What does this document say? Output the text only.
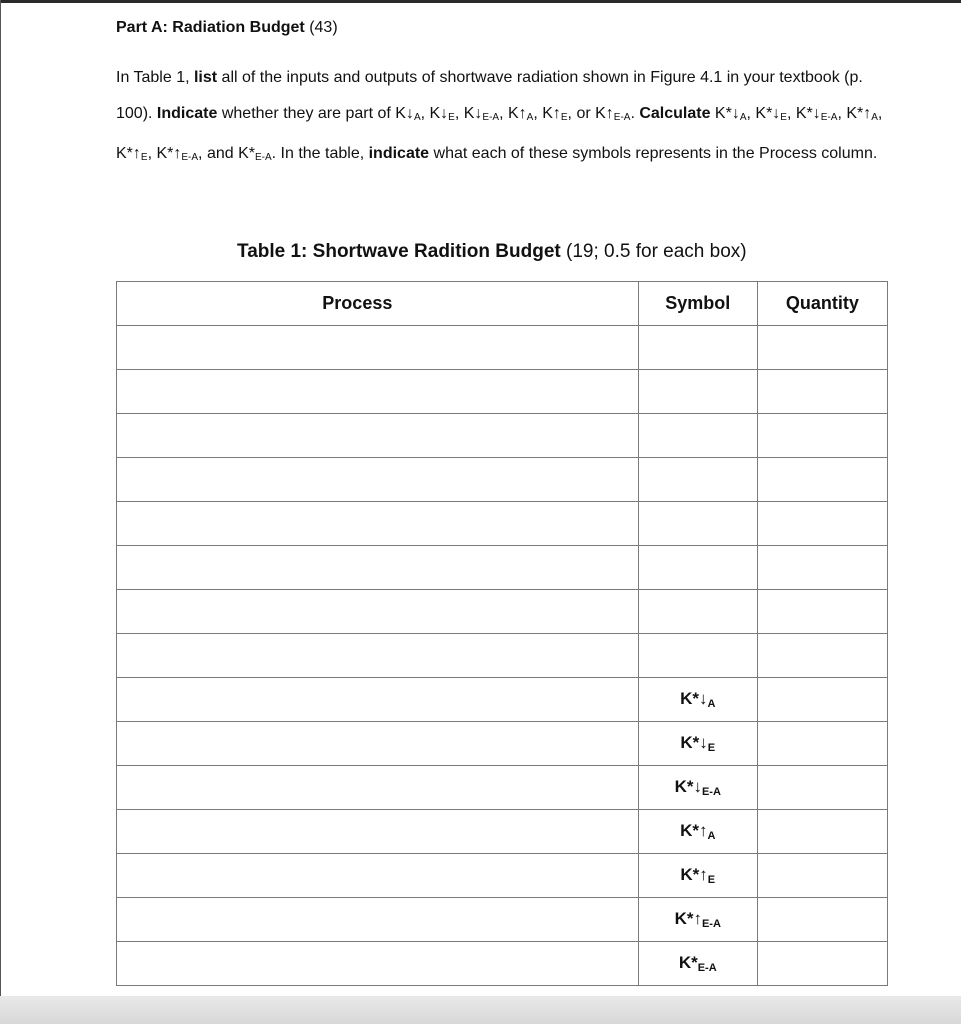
Part A: Radiation Budget (43)
In Table 1, list all of the inputs and outputs of shortwave radiation shown in Figure 4.1 in your textbook (p. 100). Indicate whether they are part of $K↓_A$, $K↓_E$, $K↓_{E-A}$, $K↑_A$, $K↑_E$, or $K↑_{E-A}$. Calculate $K*↓_A$, $K*↓_E$, $K*↓_{E-A}$, $K*↑_A$, $K*↑_E$, $K*↑_{E-A}$, and $K*_{E-A}$. In the table, indicate what each of these symbols represents in the Process column.
Table 1: Shortwave Radition Budget (19; 0.5 for each box)
Process	Symbol	Quantity

	$K*↓_A$	
	$K*↓_E$	
	$K*↓_{E-A}$	
	$K*↑_A$	
	$K*↑_E$	
	$K*↑_{E-A}$	
	$K*_{E-A}$	
